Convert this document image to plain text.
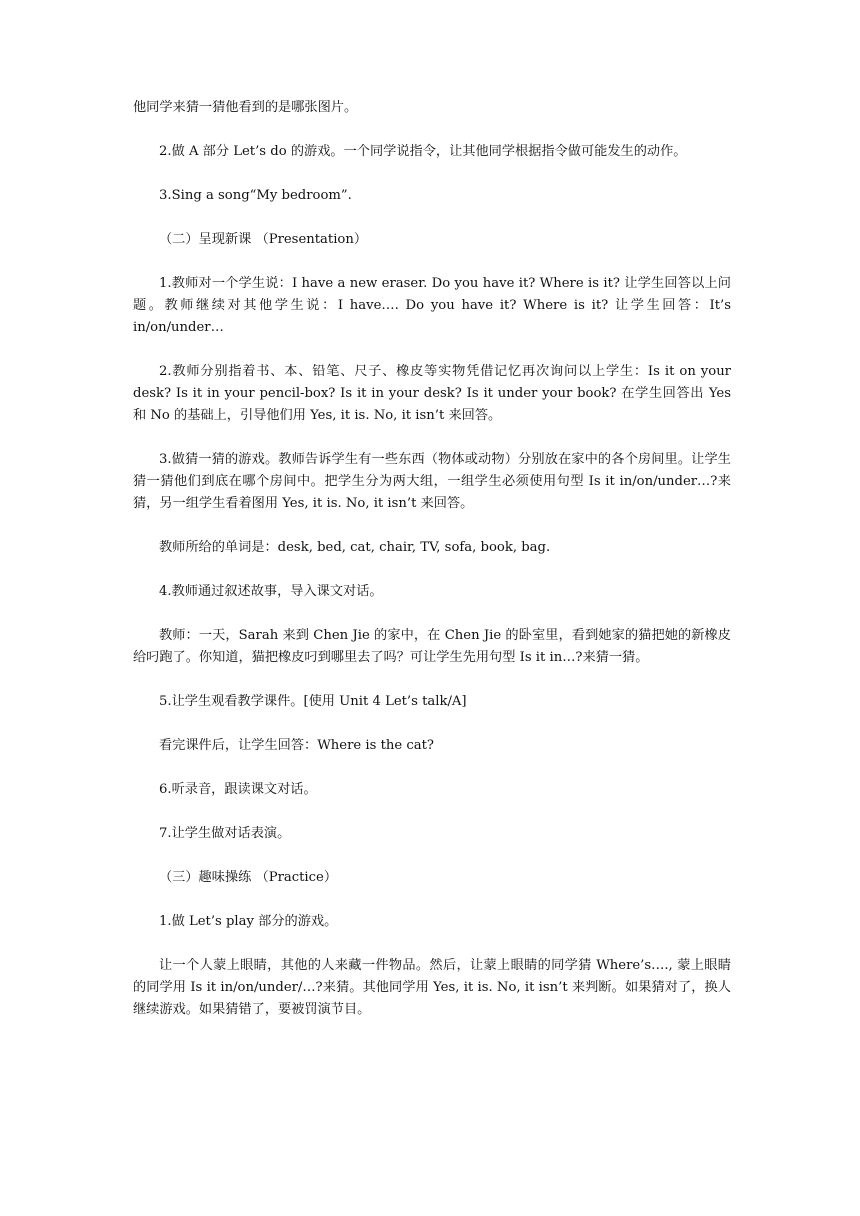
他同学来猜一猜他看到的是哪张图片。

2.做 A 部分 Let’s do 的游戏。一个同学说指令，让其他同学根据指令做可能发生的动作。

3.Sing a song“My bedroom”.

（二）呈现新课 （Presentation）

1.教师对一个学生说：I have a new eraser. Do you have it? Where is it? 让学生回答以上问题。教师继续对其他学生说：I have…. Do you have it? Where is it? 让学生回答：It’s in/on/under…

2.教师分别指着书、本、铅笔、尺子、橡皮等实物凭借记忆再次询问以上学生：Is it on your desk? Is it in your pencil-box? Is it in your desk? Is it under your book? 在学生回答出 Yes 和 No 的基础上，引导他们用 Yes, it is. No, it isn’t 来回答。

3.做猜一猜的游戏。教师告诉学生有一些东西（物体或动物）分别放在家中的各个房间里。让学生猜一猜他们到底在哪个房间中。把学生分为两大组，一组学生必须使用句型 Is it in/on/under…?来猜，另一组学生看着图用 Yes, it is. No, it isn’t 来回答。

教师所给的单词是：desk, bed, cat, chair, TV, sofa, book, bag.

4.教师通过叙述故事，导入课文对话。

教师：一天，Sarah 来到 Chen Jie 的家中，在 Chen Jie 的卧室里，看到她家的猫把她的新橡皮给叼跑了。你知道，猫把橡皮叼到哪里去了吗？可让学生先用句型 Is it in…?来猜一猜。

5.让学生观看教学课件。[使用 Unit 4 Let’s talk/A]

看完课件后，让学生回答：Where is the cat?

6.听录音，跟读课文对话。

7.让学生做对话表演。

（三）趣味操练 （Practice）

1.做 Let’s play 部分的游戏。

让一个人蒙上眼睛，其他的人来藏一件物品。然后，让蒙上眼睛的同学猜 Where’s…., 蒙上眼睛的同学用 Is it in/on/under/…?来猜。其他同学用 Yes, it is. No, it isn’t 来判断。如果猜对了，换人继续游戏。如果猜错了，要被罚演节目。
